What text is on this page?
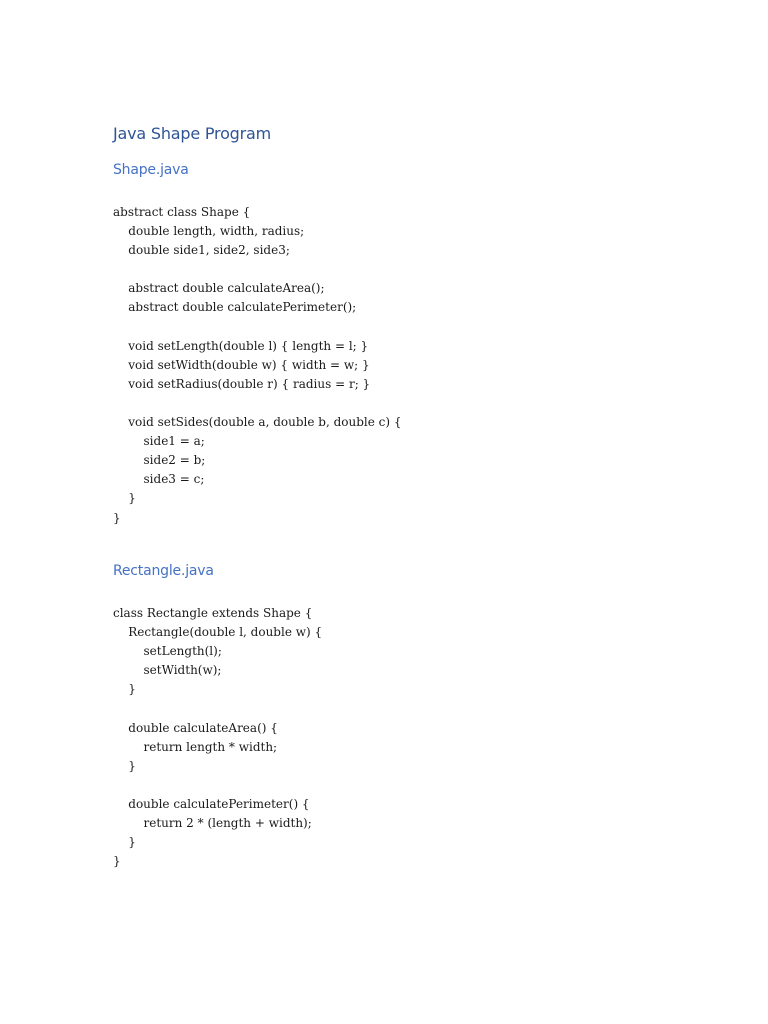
Java Shape Program
Shape.java
abstract class Shape {
double length, width, radius;
double side1, side2, side3;
abstract double calculateArea();
abstract double calculatePerimeter();
void setLength(double l) { length = l; }
void setWidth(double w) { width = w; }
void setRadius(double r) { radius = r; }
void setSides(double a, double b, double c) {
side1 = a;
side2 = b;
side3 = c;
}
}
Rectangle.java
class Rectangle extends Shape {
Rectangle(double l, double w) {
setLength(l);
setWidth(w);
}
double calculateArea() {
return length * width;
}
double calculatePerimeter() {
return 2 * (length + width);
}
}
